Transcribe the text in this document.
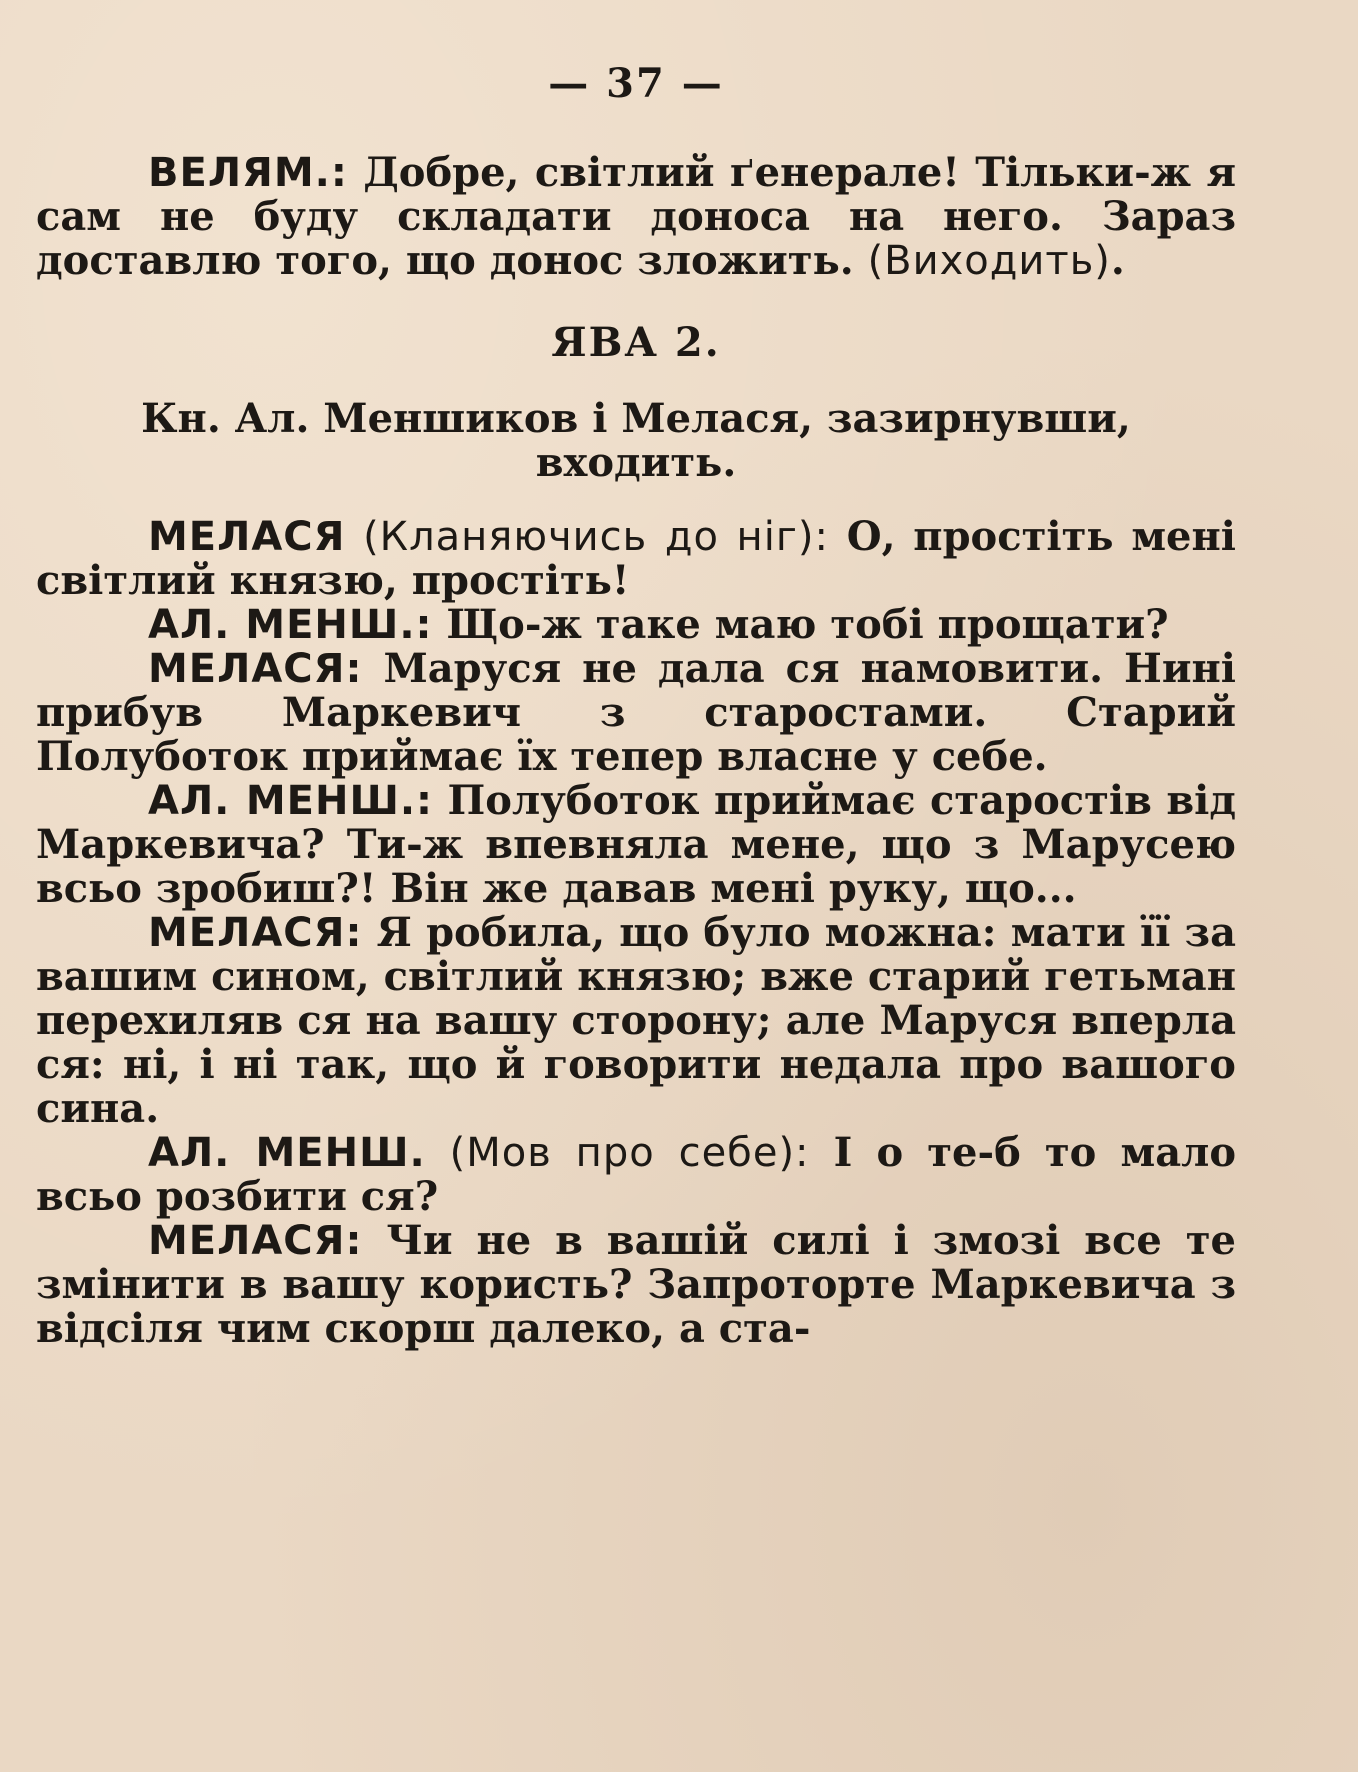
— 37 —

ВЕЛЯМ.: Добре, світлий ґенерале! Тільки-ж я сам не буду складати доноса на него. Зараз доставлю того, що донос зложить. (Виходить).

ЯВА 2.

Кн. Ал. Меншиков і Мелася, зазирнувши, входить.

МЕЛАСЯ (Кланяючись до ніг): О, простіть мені світлий князю, простіть!

АЛ. МЕНШ.: Що-ж таке маю тобі прощати?

МЕЛАСЯ: Маруся не дала ся намовити. Нині прибув Маркевич з старостами. Старий Полуботок приймає їх тепер власне у себе.

АЛ. МЕНШ.: Полуботок приймає старостів від Маркевича? Ти-ж впевняла мене, що з Марусею всьо зробиш?! Він же давав мені руку, що...

МЕЛАСЯ: Я робила, що було можна: мати її за вашим сином, світлий князю; вже старий гетьман перехиляв ся на вашу сторону; але Маруся вперла ся: ні, і ні так, що й говорити недала про вашого сина.

АЛ. МЕНШ. (Мов про себе): І о те-б то мало всьо розбити ся?

МЕЛАСЯ: Чи не в вашій силі і змозі все те змінити в вашу користь? Запроторте Маркевича з відсіля чим скорш далеко, а ста-
